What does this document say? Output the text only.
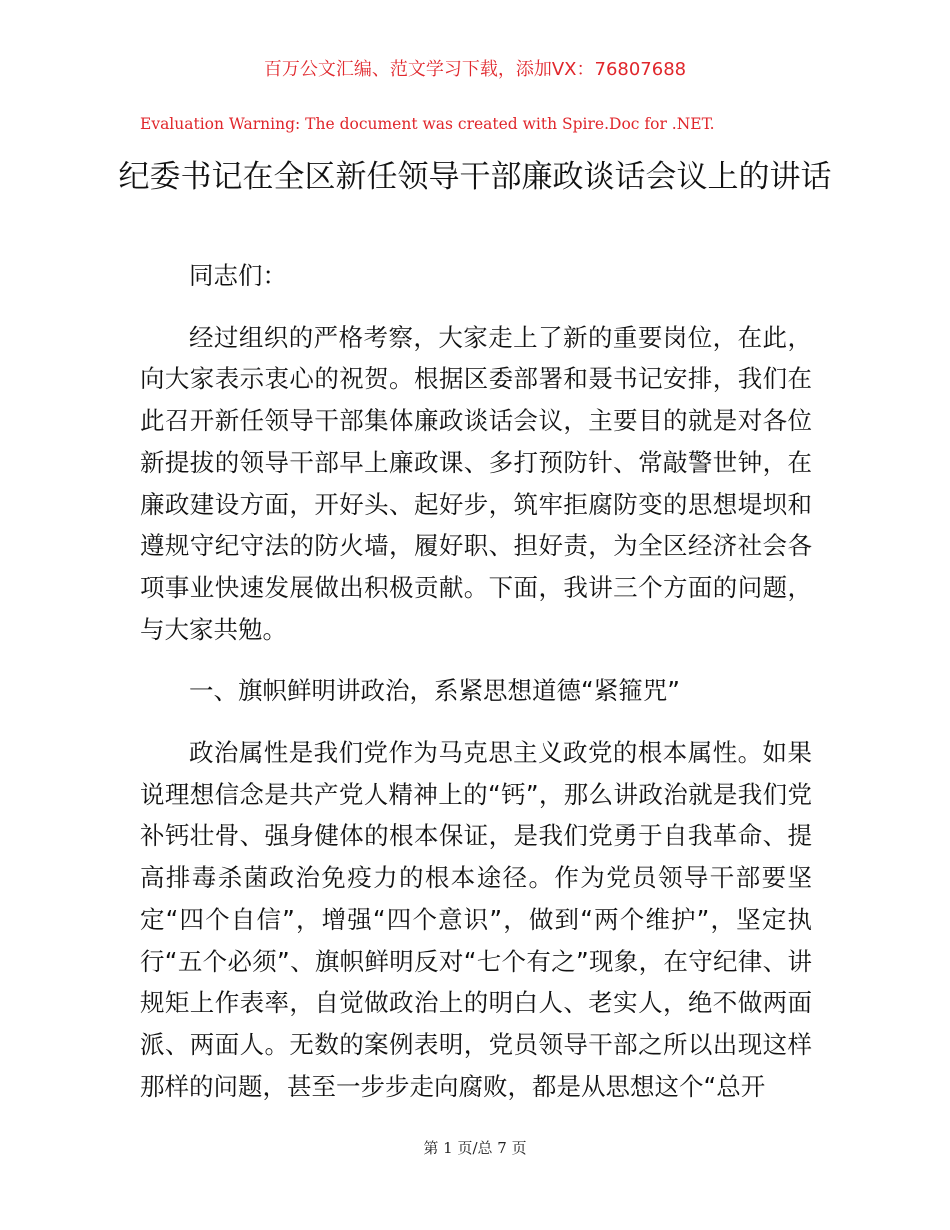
百万公文汇编、范文学习下载，添加VX：76807688
Evaluation Warning: The document was created with Spire.Doc for .NET.
纪委书记在全区新任领导干部廉政谈话会议上的讲话

同志们：

经过组织的严格考察，大家走上了新的重要岗位，在此，向大家表示衷心的祝贺。根据区委部署和聂书记安排，我们在此召开新任领导干部集体廉政谈话会议，主要目的就是对各位新提拔的领导干部早上廉政课、多打预防针、常敲警世钟，在廉政建设方面，开好头、起好步，筑牢拒腐防变的思想堤坝和遵规守纪守法的防火墙，履好职、担好责，为全区经济社会各项事业快速发展做出积极贡献。下面，我讲三个方面的问题，与大家共勉。

一、旗帜鲜明讲政治，系紧思想道德“紧箍咒”

政治属性是我们党作为马克思主义政党的根本属性。如果说理想信念是共产党人精神上的“钙”，那么讲政治就是我们党补钙壮骨、强身健体的根本保证，是我们党勇于自我革命、提高排毒杀菌政治免疫力的根本途径。作为党员领导干部要坚定“四个自信”，增强“四个意识”，做到“两个维护”，坚定执行“五个必须”、旗帜鲜明反对“七个有之”现象，在守纪律、讲规矩上作表率，自觉做政治上的明白人、老实人，绝不做两面派、两面人。无数的案例表明，党员领导干部之所以出现这样那样的问题，甚至一步步走向腐败，都是从思想这个“总开

第 1 页/总 7 页
